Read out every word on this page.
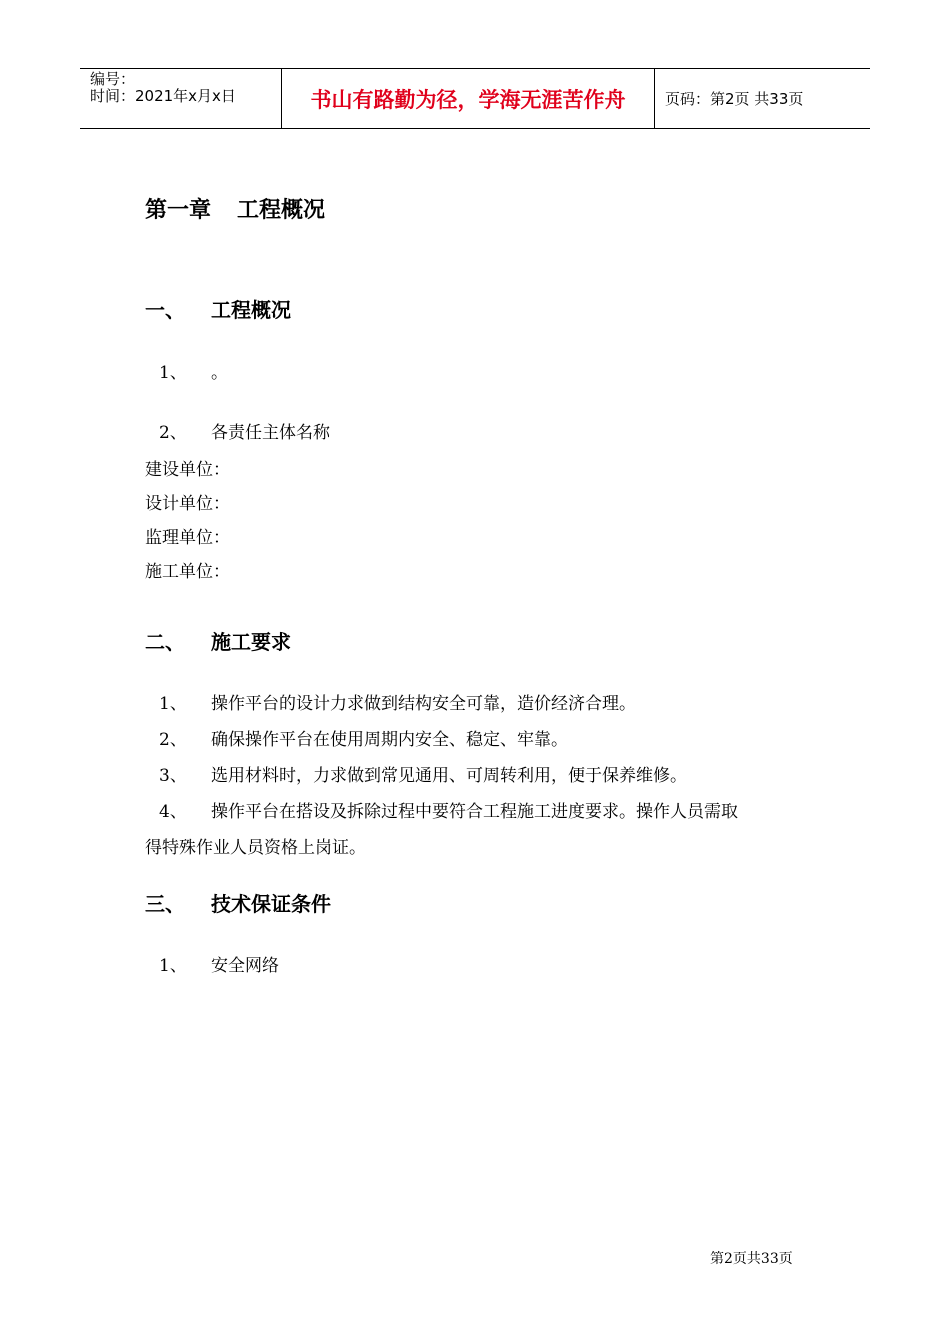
编号：
时间：2021年x月x日	书山有路勤为径，学海无涯苦作舟	页码：第2页 共33页
第一章 工程概况
一、 工程概况
1、 。
2、 各责任主体名称
建设单位：
设计单位：
监理单位：
施工单位：
二、 施工要求
1、 操作平台的设计力求做到结构安全可靠，造价经济合理。
2、 确保操作平台在使用周期内安全、稳定、牢靠。
3、 选用材料时，力求做到常见通用、可周转利用，便于保养维修。
4、 操作平台在搭设及拆除过程中要符合工程施工进度要求。操作人员需取
得特殊作业人员资格上岗证。
三、 技术保证条件
1、 安全网络
第2页共33页
